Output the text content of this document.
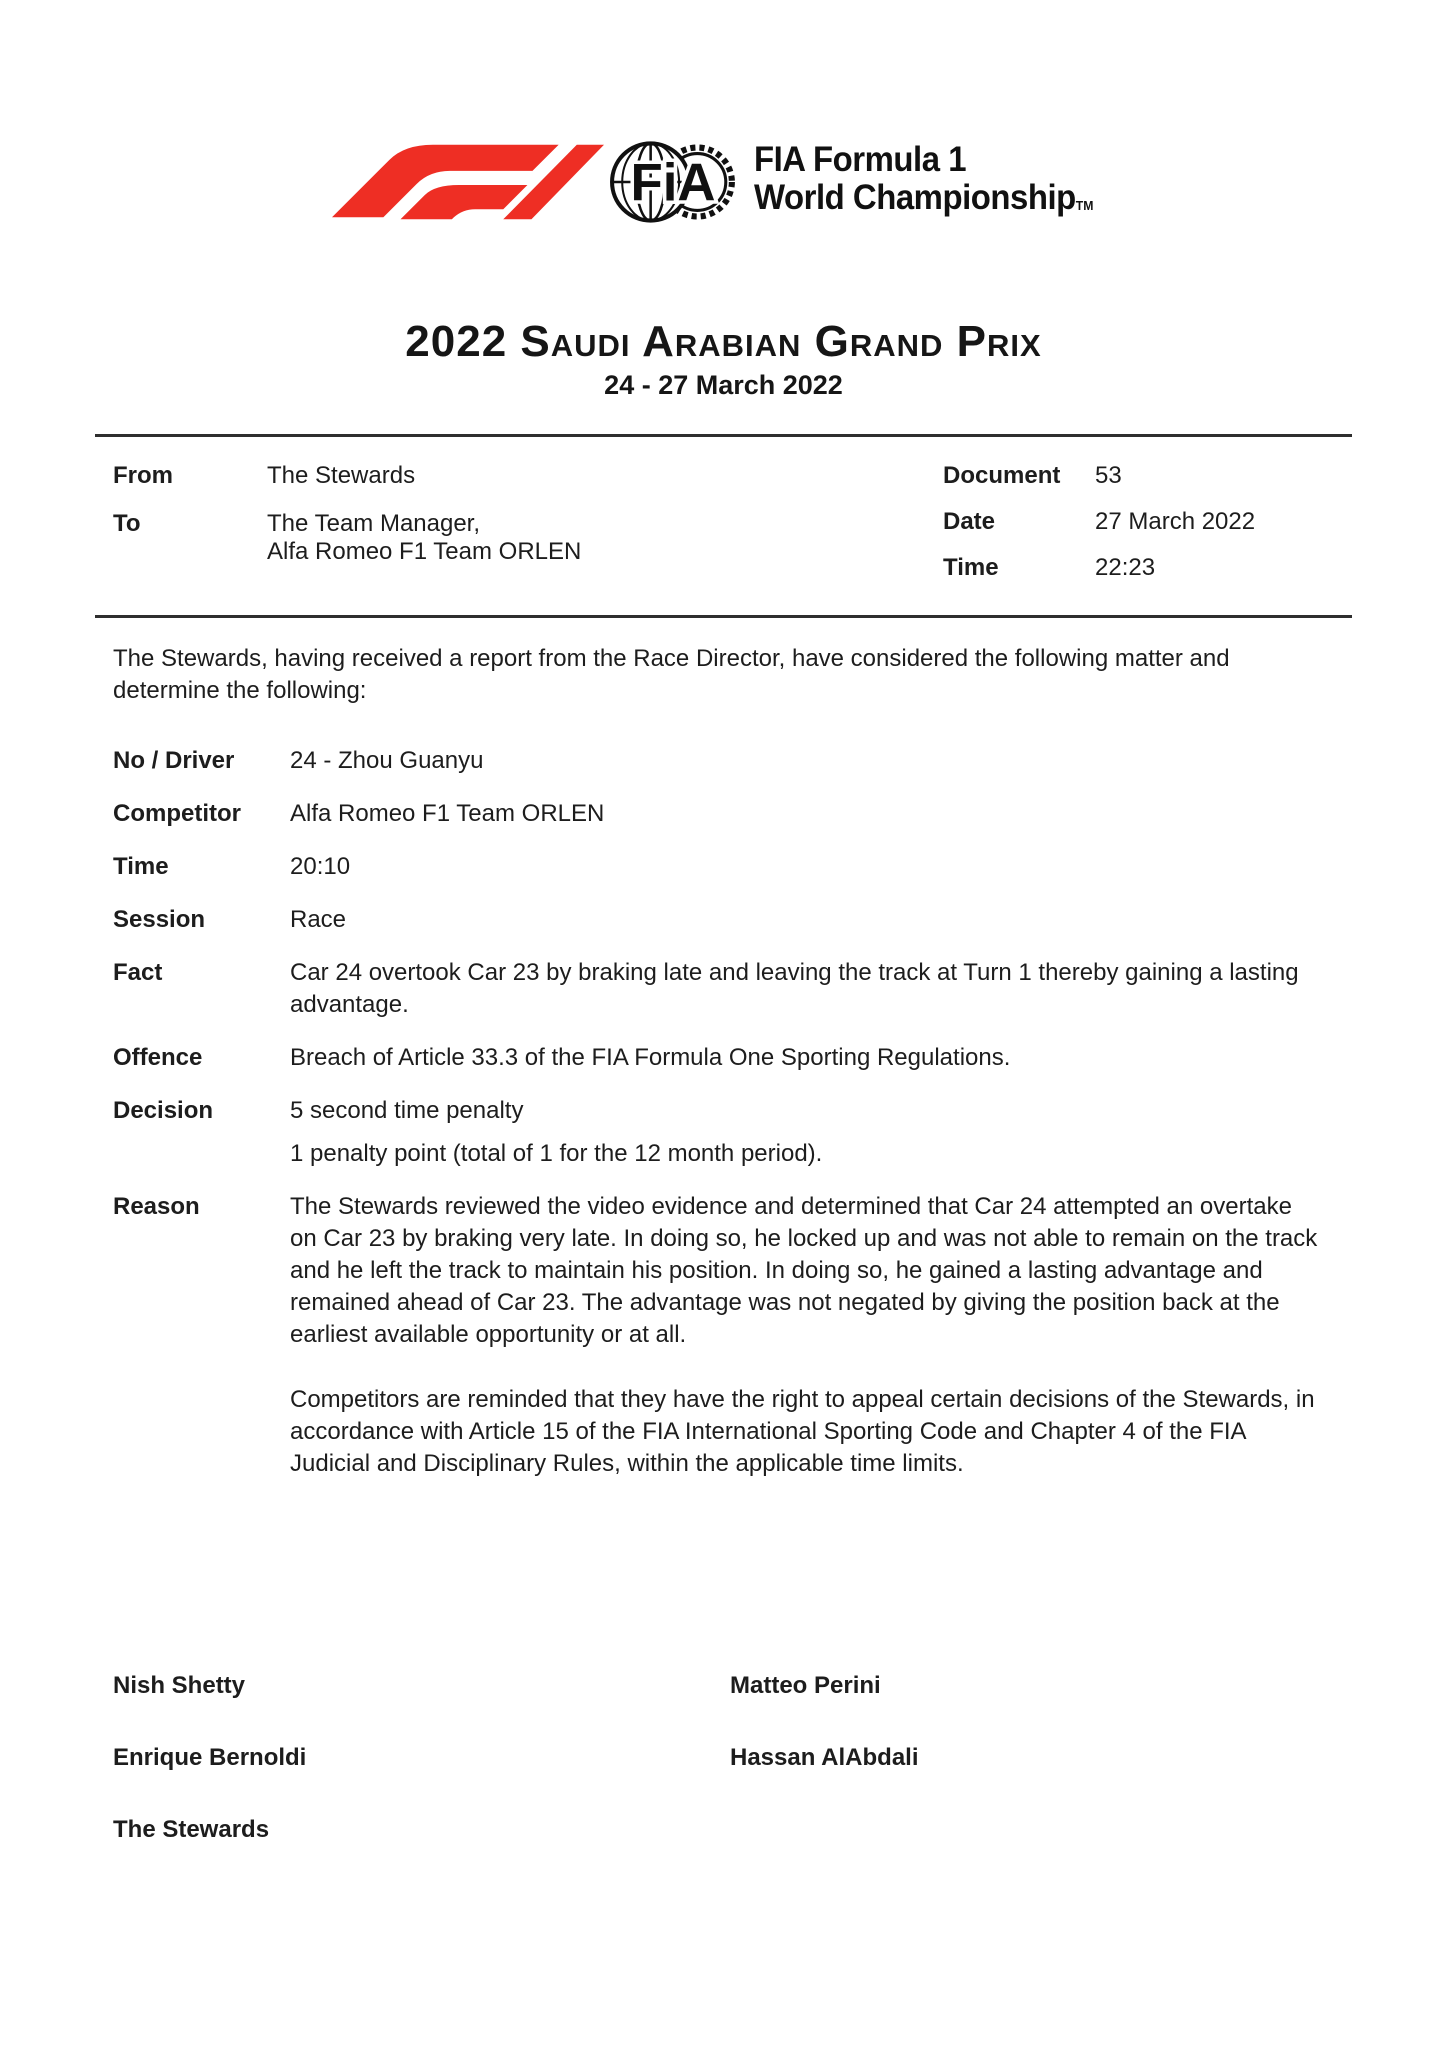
FiA FIA Formula 1
World ChampionshipTM
2022 Saudi Arabian Grand Prix
24 - 27 March 2022
From	The Stewards

To	The Team Manager,

Alfa Romeo F1 Team ORLEN

Document	53
Date	27 March 2022
Time	22:23

The Stewards, having received a report from the Race Director, have considered the following matter and determine the following:

No / Driver	24 - Zhou Guanyu

Competitor	Alfa Romeo F1 Team ORLEN

Time	20:10

Session	Race

Fact	Car 24 overtook Car 23 by braking late and leaving the track at Turn 1 thereby gaining a lasting advantage.

Offence	Breach of Article 33.3 of the FIA Formula One Sporting Regulations.

Decision	5 second time penalty

1 penalty point (total of 1 for the 12 month period).

Reason	The Stewards reviewed the video evidence and determined that Car 24 attempted an overtake on Car 23 by braking very late. In doing so, he locked up and was not able to remain on the track and he left the track to maintain his position. In doing so, he gained a lasting advantage and remained ahead of Car 23. The advantage was not negated by giving the position back at the earliest available opportunity or at all.

Competitors are reminded that they have the right to appeal certain decisions of the Stewards, in accordance with Article 15 of the FIA International Sporting Code and Chapter 4 of the FIA Judicial and Disciplinary Rules, within the applicable time limits.

Nish Shetty	Matteo Perini
Enrique Bernoldi	Hassan AlAbdali
The Stewards
